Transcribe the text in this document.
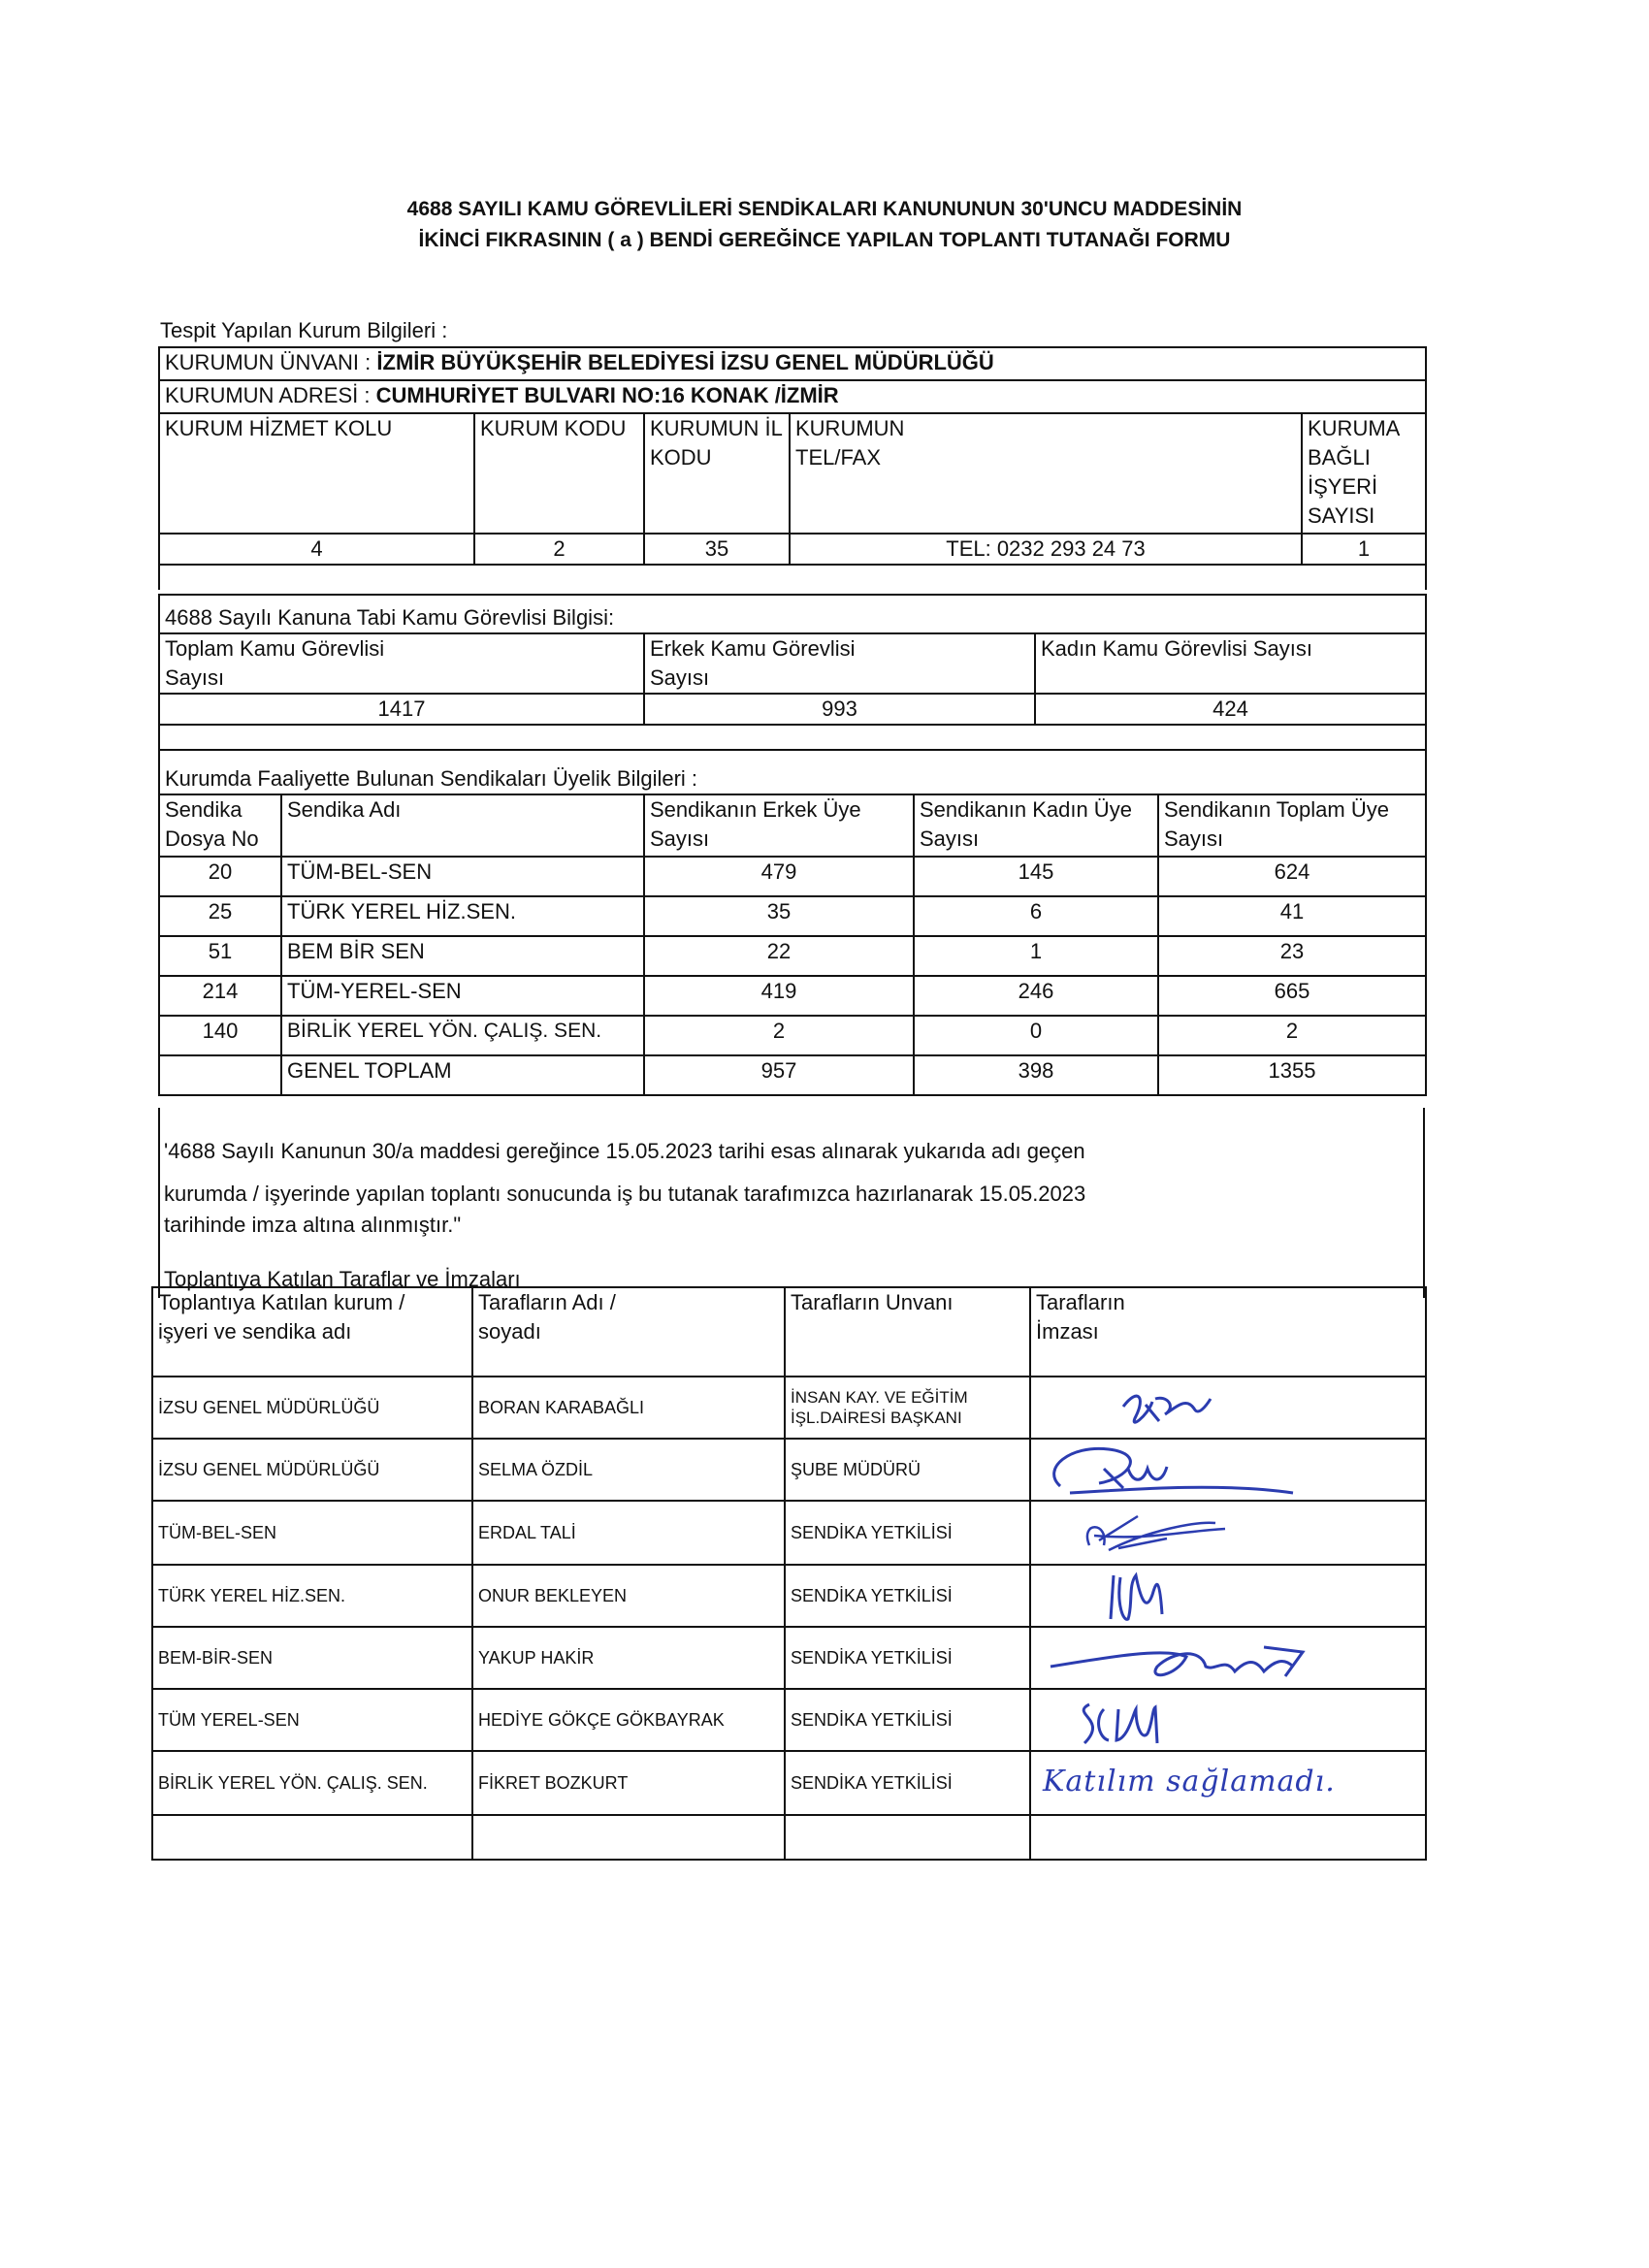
4688 SAYILI KAMU GÖREVLİLERİ SENDİKALARI KANUNUNUN 30'UNCU MADDESİNİN
İKİNCİ FIKRASININ ( a ) BENDİ GEREĞİNCE YAPILAN TOPLANTI TUTANAĞI FORMU
Tespit Yapılan Kurum Bilgileri :
KURUMUN ÜNVANI : İZMİR BÜYÜKŞEHİR BELEDİYESİ İZSU GENEL MÜDÜRLÜĞÜ				
KURUMUN ADRESİ : CUMHURİYET BULVARI NO:16 KONAK /İZMİR				
KURUM HİZMET KOLU	KURUM KODU	KURUMUN İL KODU	KURUMUN TEL/FAX	KURUMA BAĞLI İŞYERİ SAYISI
4	2	35	TEL: 0232 293 24 73	1

4688 Sayılı Kanuna Tabi Kamu Görevlisi Bilgisi:		
Toplam Kamu Görevlisi Sayısı	Erkek Kamu Görevlisi Sayısı	Kadın Kamu Görevlisi Sayısı
1417	993	424

Kurumda Faaliyette Bulunan Sendikaları Üyelik Bilgileri :				
Sendika Dosya No	Sendika Adı	Sendikanın Erkek Üye Sayısı	Sendikanın Kadın Üye Sayısı	Sendikanın Toplam Üye Sayısı
20	TÜM-BEL-SEN	479	145	624
25	TÜRK YEREL HİZ.SEN.	35	6	41
51	BEM BİR SEN	22	1	23
214	TÜM-YEREL-SEN	419	246	665
140	BİRLİK YEREL YÖN. ÇALIŞ. SEN.	2	0	2
	GENEL TOPLAM	957	398	1355
'4688 Sayılı Kanunun 30/a maddesi gereğince 15.05.2023 tarihi esas alınarak yukarıda adı geçen
kurumda / işyerinde yapılan toplantı sonucunda iş bu tutanak tarafımızca hazırlanarak 15.05.2023
tarihinde imza altına alınmıştır."
Toplantıya Katılan Taraflar ve İmzaları
Toplantıya Katılan kurum / işyeri ve sendika adı	Tarafların Adı / soyadı	Tarafların Unvanı	Tarafların İmzası
İZSU GENEL MÜDÜRLÜĞÜ	BORAN KARABAĞLI	İNSAN KAY. VE EĞİTİM İŞL.DAİRESİ BAŞKANI	

İZSU GENEL MÜDÜRLÜĞÜ	SELMA ÖZDİL	ŞUBE MÜDÜRÜ	

TÜM-BEL-SEN	ERDAL TALİ	SENDİKA YETKİLİSİ	

TÜRK YEREL HİZ.SEN.	ONUR BEKLEYEN	SENDİKA YETKİLİSİ	

BEM-BİR-SEN	YAKUP HAKİR	SENDİKA YETKİLİSİ	

TÜM YEREL-SEN	HEDİYE GÖKÇE GÖKBAYRAK	SENDİKA YETKİLİSİ	

BİRLİK YEREL YÖN. ÇALIŞ. SEN.	FİKRET BOZKURT	SENDİKA YETKİLİSİ	Katılım sağlamadı.
